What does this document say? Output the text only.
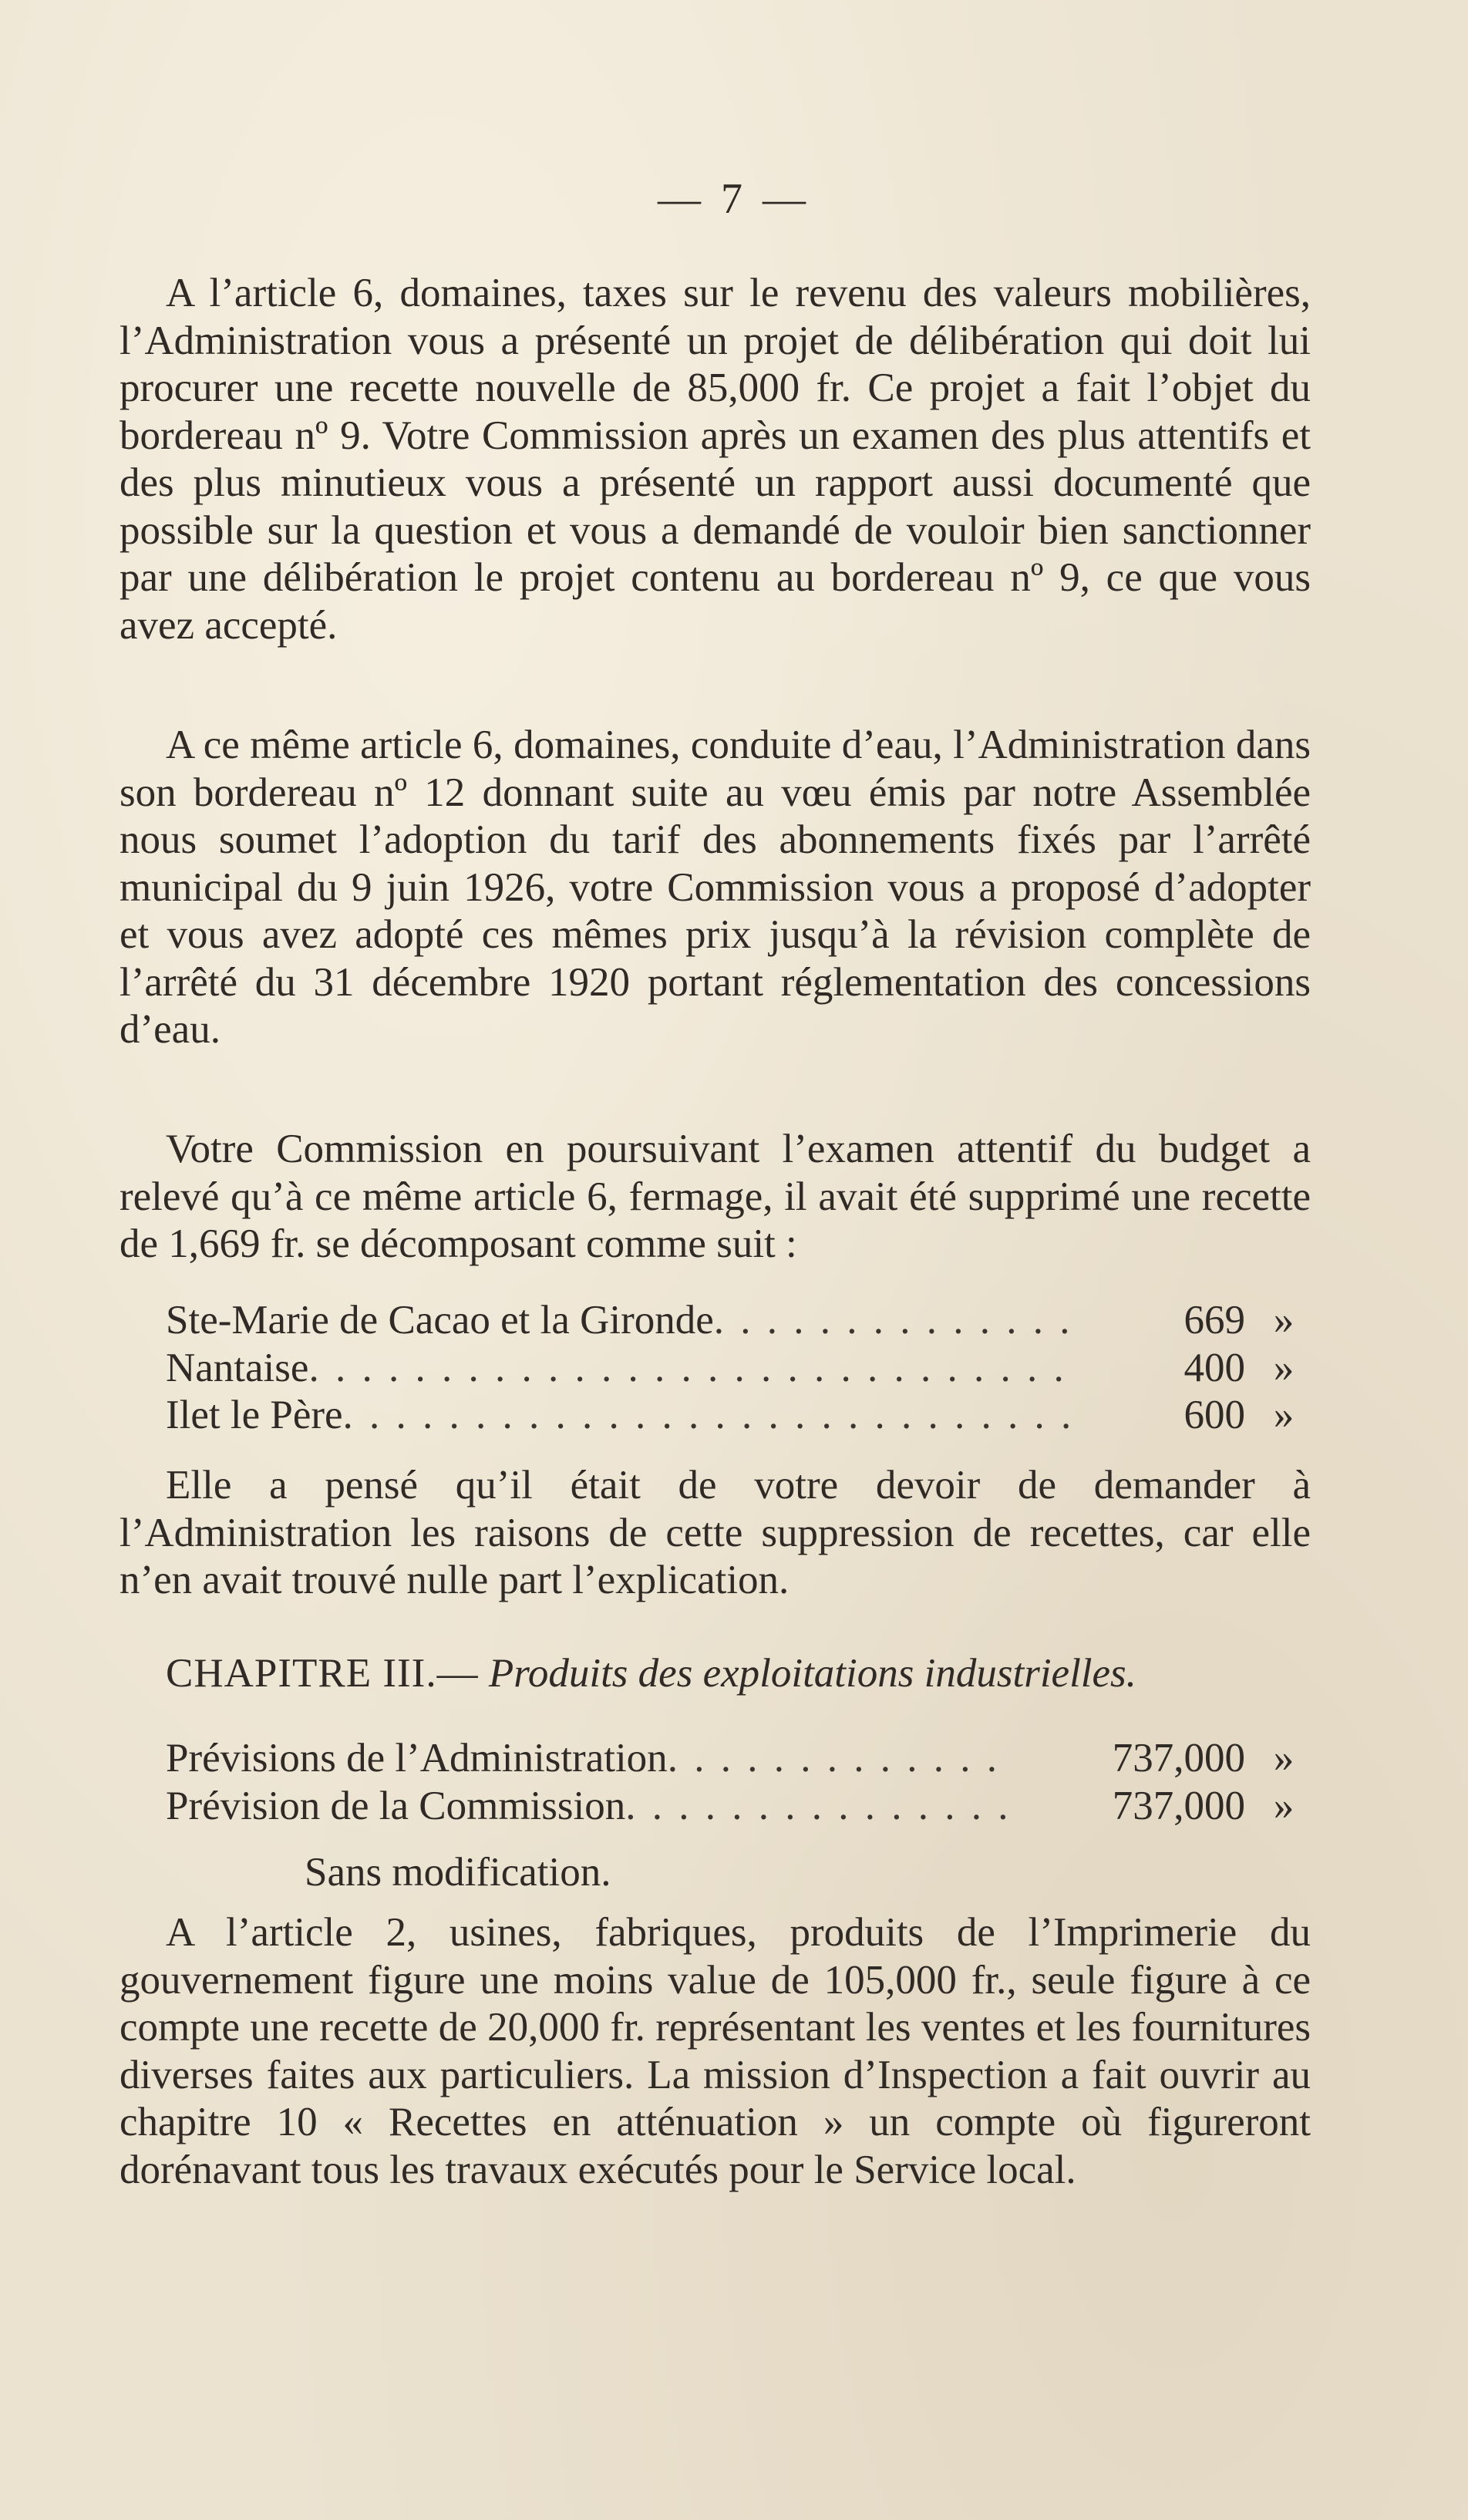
— 7 —

A l’article 6, domaines, taxes sur le revenu des valeurs mobilières, l’Administration vous a présenté un projet de délibération qui doit lui procurer une recette nouvelle de 85,000 fr. Ce projet a fait l’objet du bordereau nº 9. Votre Commission après un examen des plus attentifs et des plus minutieux vous a présenté un rapport aussi documenté que possible sur la question et vous a demandé de vouloir bien sanctionner par une délibération le projet contenu au bordereau nº 9, ce que vous avez accepté.

A ce même article 6, domaines, conduite d’eau, l’Administration dans son bordereau nº 12 donnant suite au vœu émis par notre Assemblée nous soumet l’adoption du tarif des abonnements fixés par l’arrêté municipal du 9 juin 1926, votre Commission vous a proposé d’adopter et vous avez adopté ces mêmes prix jusqu’à la révision complète de l’arrêté du 31 décembre 1920 portant réglementation des concessions d’eau.

Votre Commission en poursuivant l’examen attentif du budget a relevé qu’à ce même article 6, fermage, il avait été supprimé une recette de 1,669 fr. se décomposant comme suit :

Ste-Marie de Cacao et la Gironde . . .	669 »
Nantaise . . .	400 »
Ilet le Père . . .	600 »

Elle a pensé qu’il était de votre devoir de demander à l’Administration les raisons de cette suppression de recettes, car elle n’en avait trouvé nulle part l’explication.

CHAPITRE III.— Produits des exploitations industrielles.
Prévisions de l’Administration . . .	737,000 »
Prévision de la Commission . . .	737,000 »
Sans modification.

A l’article 2, usines, fabriques, produits de l’Imprimerie du gouvernement figure une moins value de 105,000 fr., seule figure à ce compte une recette de 20,000 fr. représentant les ventes et les fournitures diverses faites aux particuliers. La mission d’Inspection a fait ouvrir au chapitre 10 « Recettes en atténuation » un compte où figureront dorénavant tous les travaux exécutés pour le Service local.
